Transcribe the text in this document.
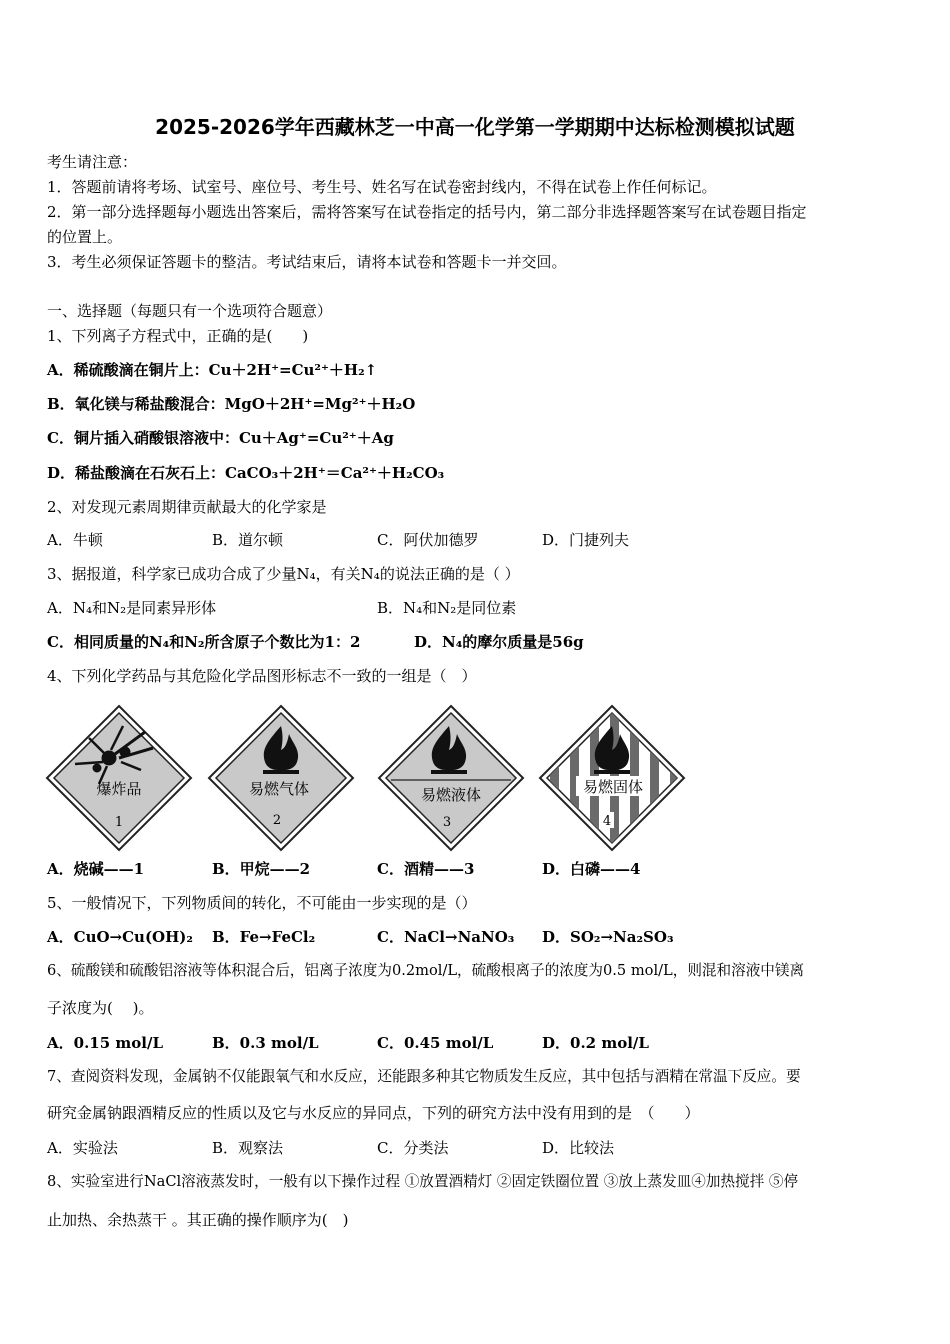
2025-2026学年西藏林芝一中高一化学第一学期期中达标检测模拟试题
考生请注意：
1．答题前请将考场、试室号、座位号、考生号、姓名写在试卷密封线内，不得在试卷上作任何标记。
2．第一部分选择题每小题选出答案后，需将答案写在试卷指定的括号内，第二部分非选择题答案写在试卷题目指定
的位置上。
3．考生必须保证答题卡的整洁。考试结束后，请将本试卷和答题卡一并交回。
一、选择题（每题只有一个选项符合题意）
1、下列离子方程式中，正确的是(　　)
A．稀硫酸滴在铜片上：Cu＋2H⁺=Cu²⁺＋H₂↑
B．氧化镁与稀盐酸混合：MgO＋2H⁺=Mg²⁺＋H₂O
C．铜片插入硝酸银溶液中：Cu＋Ag⁺=Cu²⁺＋Ag
D．稀盐酸滴在石灰石上：CaCO₃＋2H⁺＝Ca²⁺＋H₂CO₃
2、对发现元素周期律贡献最大的化学家是
A．牛顿	B．道尔顿	C．阿伏加德罗	D．门捷列夫
3、据报道，科学家已成功合成了少量N₄，有关N₄的说法正确的是（ ）
A．N₄和N₂是同素异形体	B．N₄和N₂是同位素
C．相同质量的N₄和N₂所含原子个数比为1：2	D．N₄的摩尔质量是56g
4、下列化学药品与其危险化学品图形标志不一致的一组是（　）
爆炸品
1
易燃气体
2
易燃液体
3
易燃固体
4
A．烧碱——1	B．甲烷——2	C．酒精——3	D．白磷——4
5、一般情况下，下列物质间的转化，不可能由一步实现的是（）
A．CuO→Cu(OH)₂ B．Fe→FeCl₂	C．NaCl→NaNO₃ D．SO₂→Na₂SO₃
6、硫酸镁和硫酸铝溶液等体积混合后，铝离子浓度为0.2mol/L，硫酸根离子的浓度为0.5 mol/L，则混和溶液中镁离
子浓度为(　 )。
A．0.15 mol/L	B．0.3 mol/L	C．0.45 mol/L	D．0.2 mol/L
7、查阅资料发现，金属钠不仅能跟氧气和水反应，还能跟多种其它物质发生反应，其中包括与酒精在常温下反应。要
研究金属钠跟酒精反应的性质以及它与水反应的异同点，下列的研究方法中没有用到的是　（　　）
A．实验法	B．观察法	C．分类法	D．比较法
8、实验室进行NaCl溶液蒸发时，一般有以下操作过程 ①放置酒精灯 ②固定铁圈位置 ③放上蒸发皿④加热搅拌 ⑤停
止加热、余热蒸干 。其正确的操作顺序为(　)
